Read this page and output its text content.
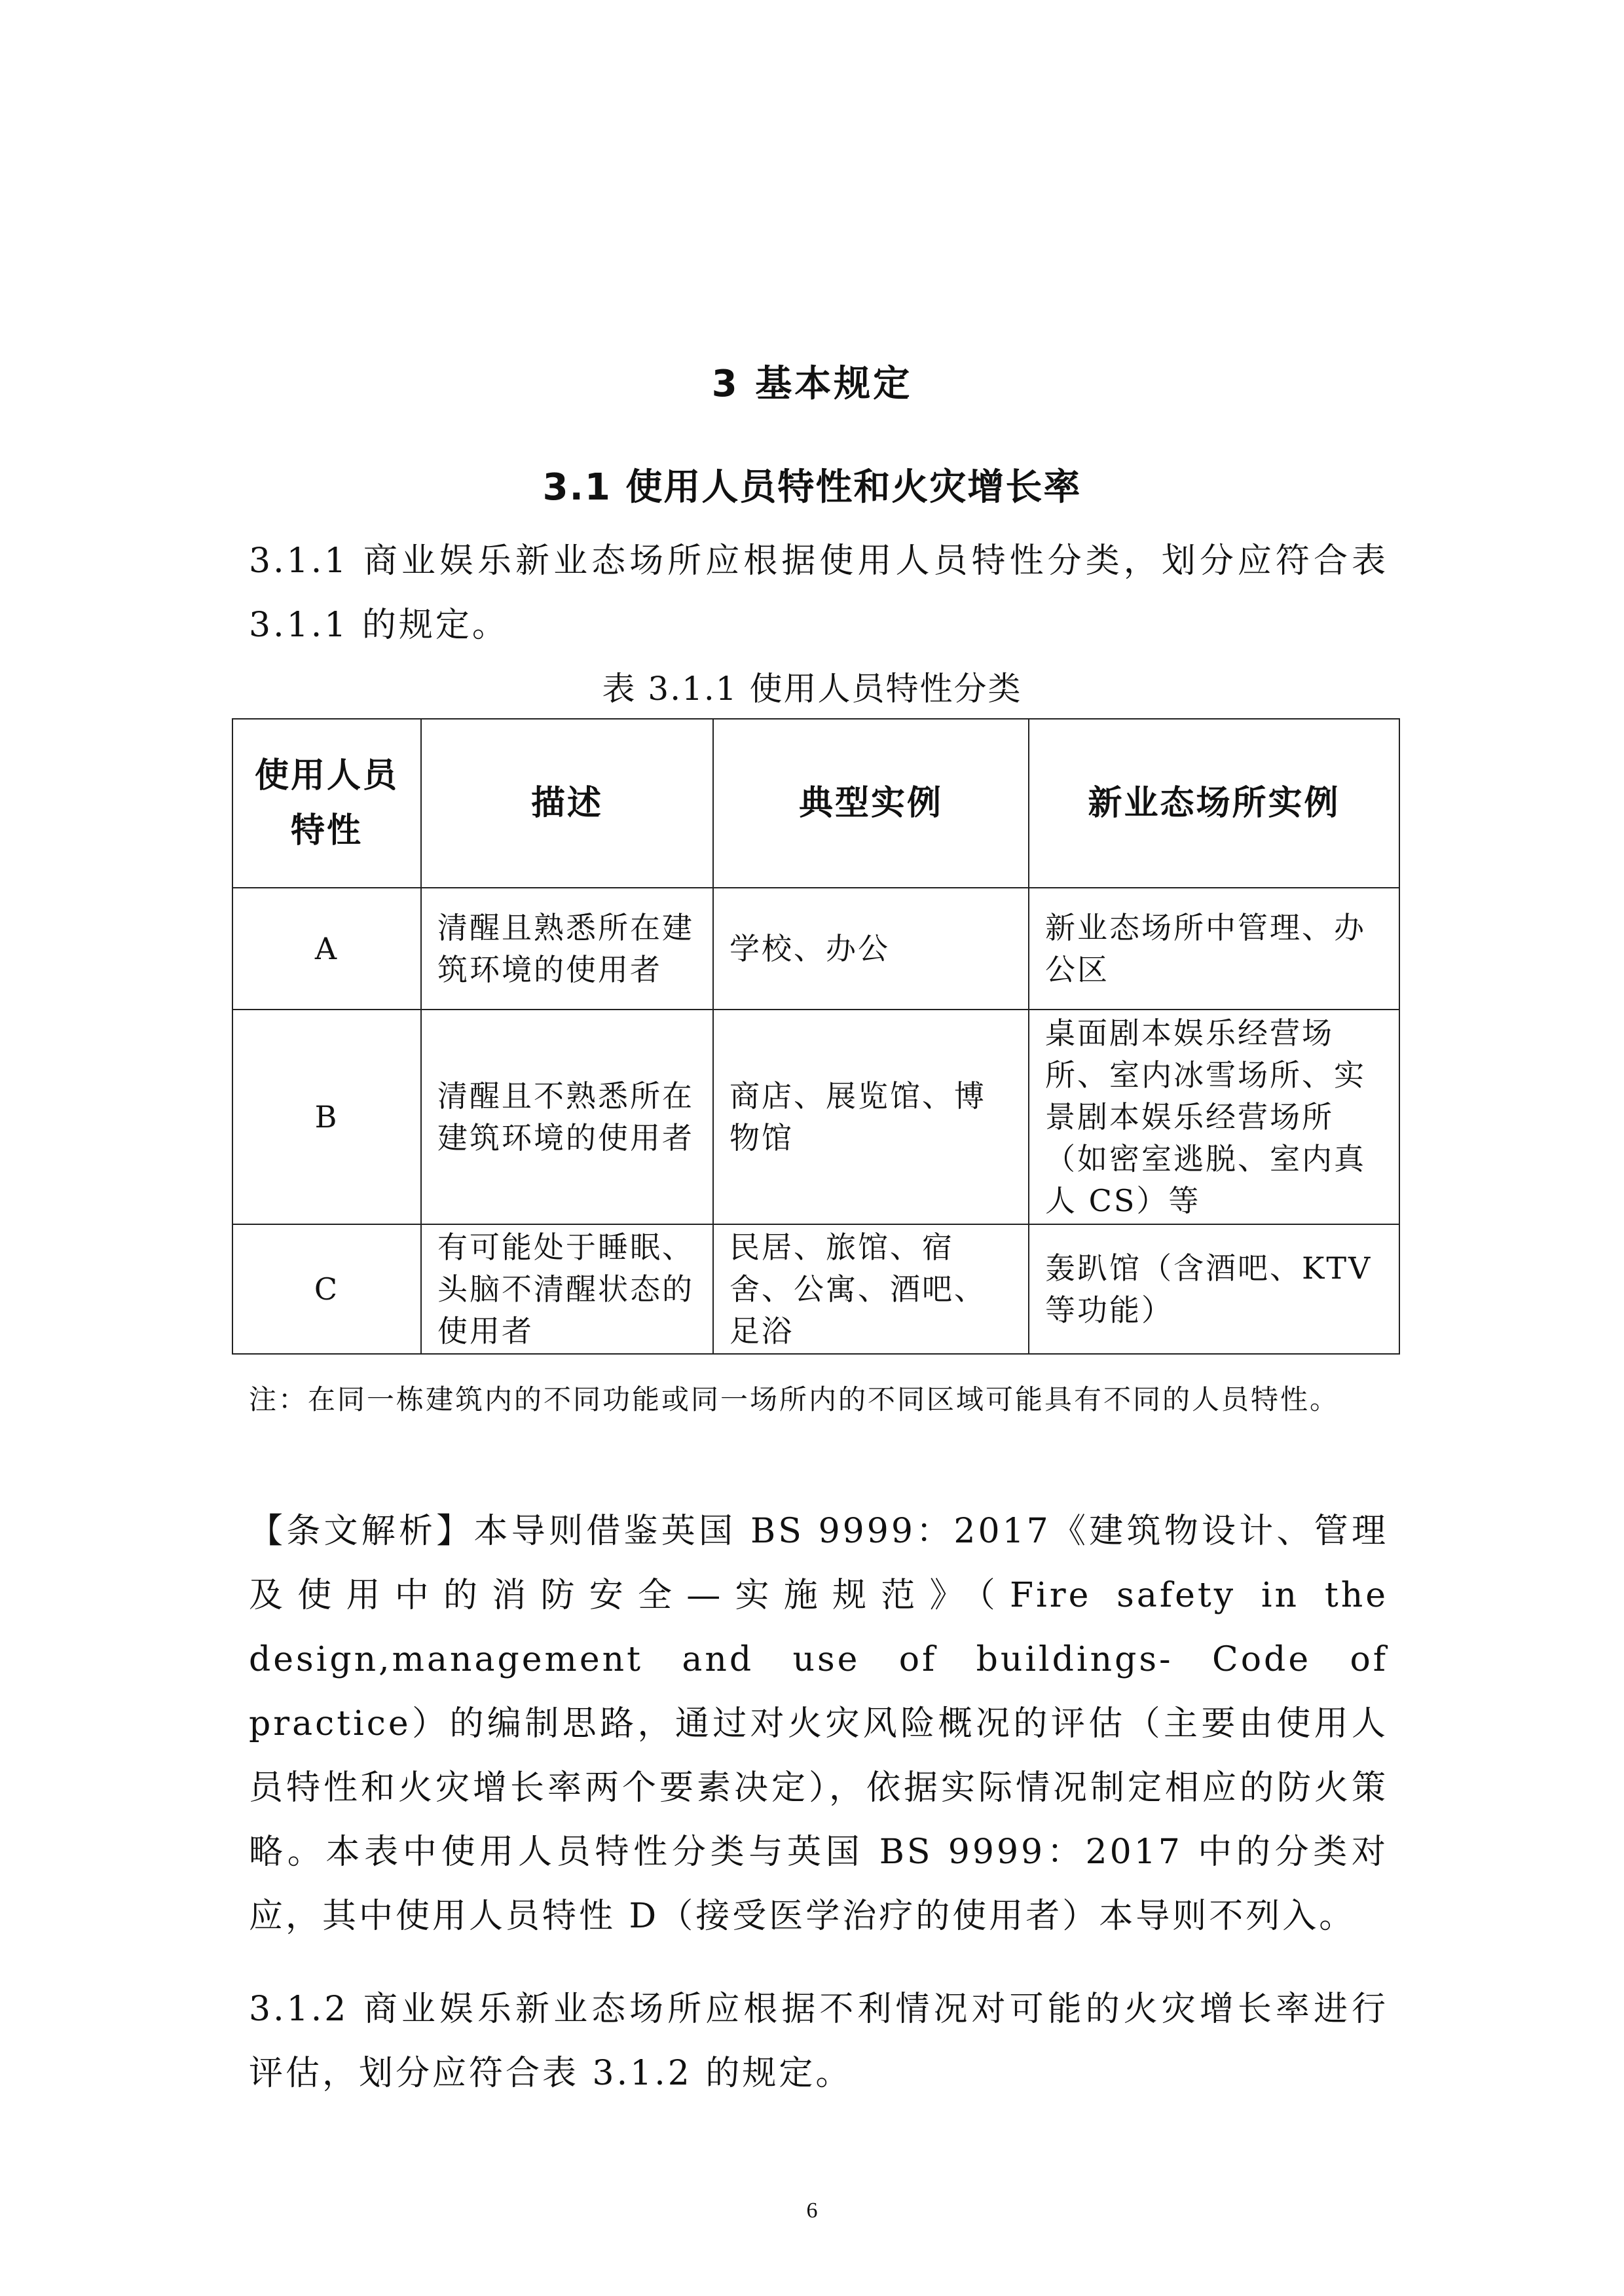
3 基本规定
3.1 使用人员特性和火灾增长率
3.1.1 商业娱乐新业态场所应根据使用人员特性分类，划分应符合表3.1.1 的规定。
表 3.1.1 使用人员特性分类
使用人员特性	描述	典型实例	新业态场所实例
A	清醒且熟悉所在建筑环境的使用者	学校、办公	新业态场所中管理、办公区
B	清醒且不熟悉所在建筑环境的使用者	商店、展览馆、博物馆	桌面剧本娱乐经营场所、室内冰雪场所、实景剧本娱乐经营场所（如密室逃脱、室内真人 CS）等
C	有可能处于睡眠、头脑不清醒状态的使用者	民居、旅馆、宿舍、公寓、酒吧、足浴	轰趴馆（含酒吧、KTV 等功能）
注：在同一栋建筑内的不同功能或同一场所内的不同区域可能具有不同的人员特性。
【条文解析】本导则借鉴英国 BS 9999：2017《建筑物设计、管理及使用中的消防安全—实施规范》（Fire safety in the design,management and use of buildings- Code of practice）的编制思路，通过对火灾风险概况的评估（主要由使用人员特性和火灾增长率两个要素决定），依据实际情况制定相应的防火策略。本表中使用人员特性分类与英国 BS 9999：2017 中的分类对应，其中使用人员特性 D（接受医学治疗的使用者）本导则不列入。
3.1.2 商业娱乐新业态场所应根据不利情况对可能的火灾增长率进行评估，划分应符合表 3.1.2 的规定。
6
